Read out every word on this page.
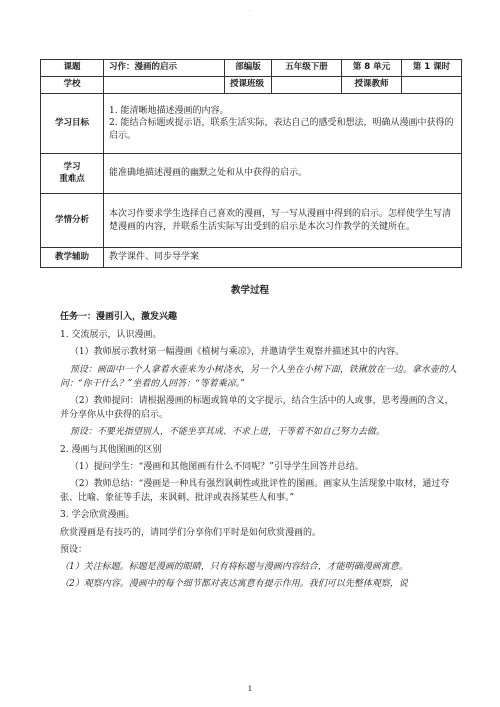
.
课题	习作：漫画的启示	部编版	五年级下册	第 8 单元	第 1 课时
学校		授课班级		授课教师	
学习目标	1. 能清晰地描述漫画的内容。

2. 能结合标题或提示语，联系生活实际，表达自己的感受和想法，明确从漫画中获得的启示。				

学习
重难点	能准确地描述漫画的幽默之处和从中获得的启示。				
学情分析	本次习作要求学生选择自己喜欢的漫画，写一写从漫画中得到的启示。怎样使学生写清楚漫画的内容，并联系生活实际写出受到的启示是本次习作教学的关键所在。				
教学辅助	教学课件、同步导学案				
教学过程

任务一：漫画引入，激发兴趣

1. 交流展示，认识漫画。

（1）教师展示教材第一幅漫画《植树与乘凉》，并邀请学生观察并描述其中的内容。

预设：画面中一个人拿着水壶来为小树浇水，另一个人坐在小树下面，铁锹放在一边。拿水壶的人问：“你干什么？”坐着的人回答：“等着乘凉。”

（2）教师提问：请根据漫画的标题或简单的文字提示，结合生活中的人或事，思考漫画的含义，并分享你从中获得的启示。

预设：不要光指望别人，不能坐享其成、不求上进，干等着不如自己努力去做。

2. 漫画与其他图画的区别

（1）提问学生：“漫画和其他图画有什么不同呢？”引导学生回答并总结。

（2）教师总结：“漫画是一种具有强烈讽刺性或批评性的图画。画家从生活现象中取材，通过夸张、比喻、象征等手法，来讽刺、批评或表扬某些人和事。”

3. 学会欣赏漫画。

欣赏漫画是有技巧的，请同学们分享你们平时是如何欣赏漫画的。

预设：

（1）关注标题。标题是漫画的眼睛，只有将标题与漫画内容结合，才能明确漫画寓意。

（2）观察内容。漫画中的每个细节都对表达寓意有提示作用。我们可以先整体观察，说

1
